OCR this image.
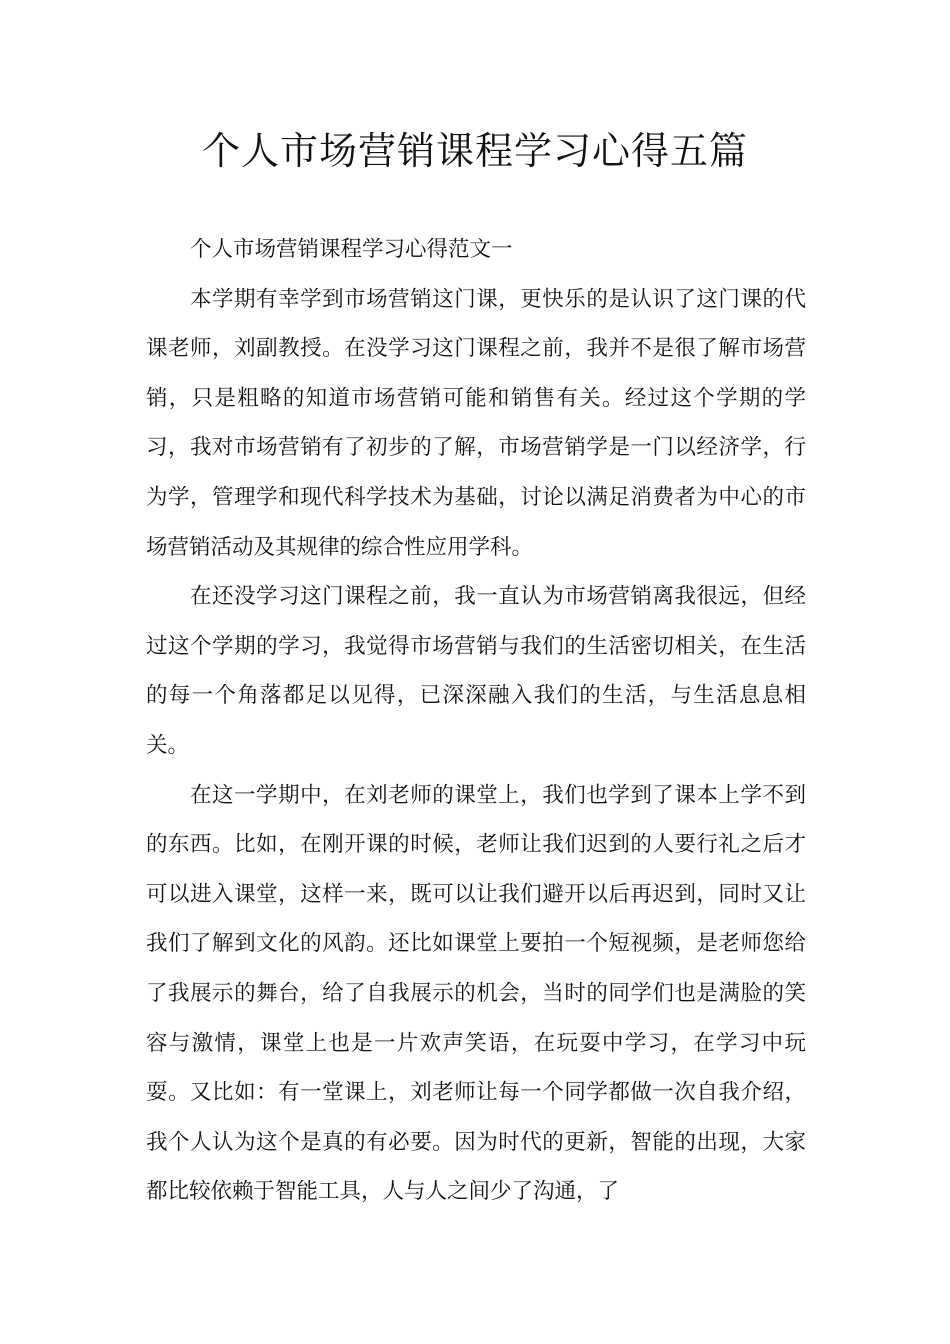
个人市场营销课程学习心得五篇

个人市场营销课程学习心得范文一

本学期有幸学到市场营销这门课，更快乐的是认识了这门课的代课老师，刘副教授。在没学习这门课程之前，我并不是很了解市场营销，只是粗略的知道市场营销可能和销售有关。经过这个学期的学习，我对市场营销有了初步的了解，市场营销学是一门以经济学，行为学，管理学和现代科学技术为基础，讨论以满足消费者为中心的市场营销活动及其规律的综合性应用学科。

在还没学习这门课程之前，我一直认为市场营销离我很远，但经过这个学期的学习，我觉得市场营销与我们的生活密切相关，在生活的每一个角落都足以见得，已深深融入我们的生活，与生活息息相关。

在这一学期中，在刘老师的课堂上，我们也学到了课本上学不到的东西。比如，在刚开课的时候，老师让我们迟到的人要行礼之后才可以进入课堂，这样一来，既可以让我们避开以后再迟到，同时又让我们了解到文化的风韵。还比如课堂上要拍一个短视频，是老师您给了我展示的舞台，给了自我展示的机会，当时的同学们也是满脸的笑容与激情，课堂上也是一片欢声笑语，在玩耍中学习，在学习中玩耍。又比如：有一堂课上，刘老师让每一个同学都做一次自我介绍，我个人认为这个是真的有必要。因为时代的更新，智能的出现，大家都比较依赖于智能工具，人与人之间少了沟通，了
